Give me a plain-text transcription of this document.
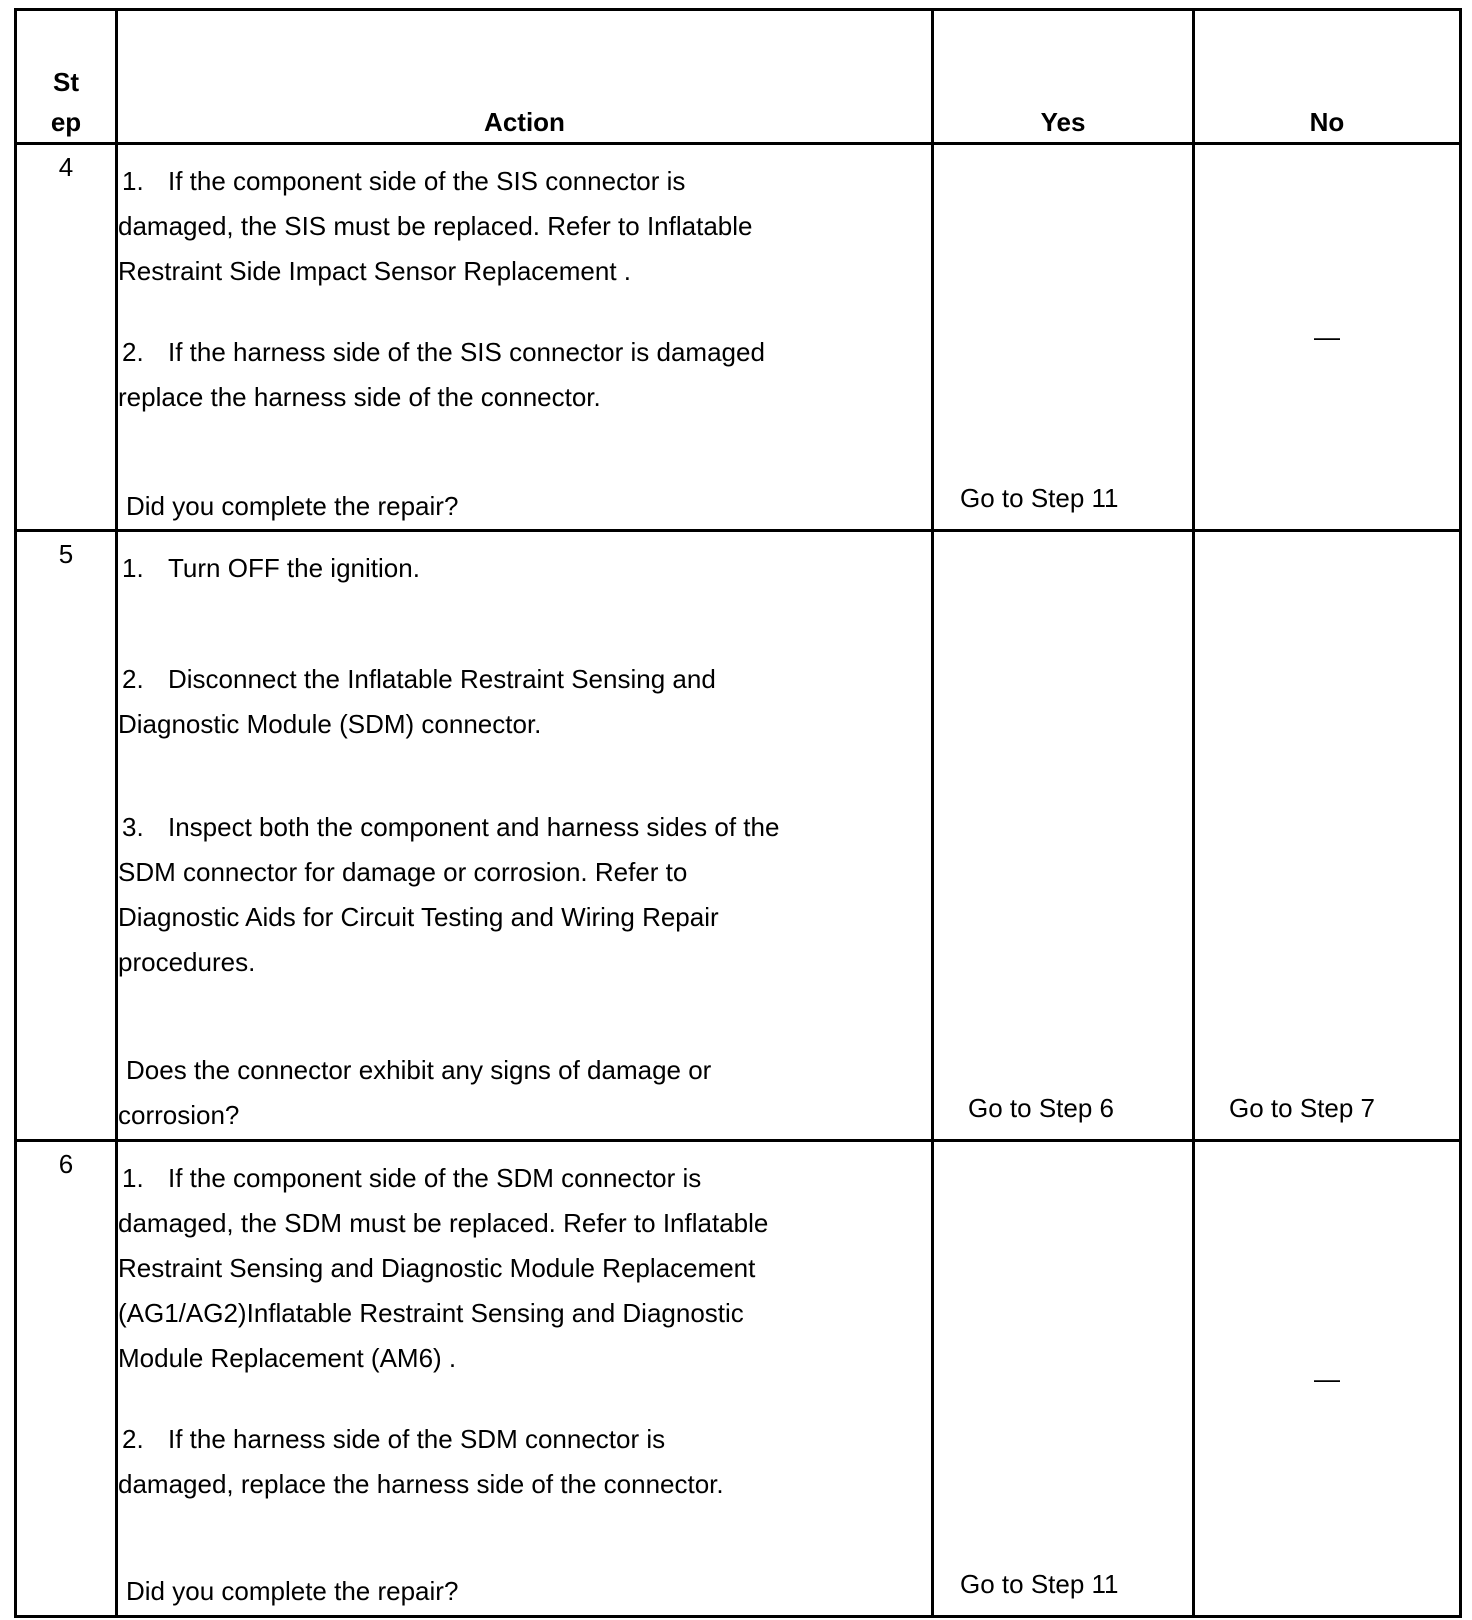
St
ep	Action	Yes	No
4	1. If the component side of the SIS connector is damaged, the SIS must be replaced. Refer to Inflatable Restraint Side Impact Sensor Replacement .

2. If the harness side of the SIS connector is damaged replace the harness side of the connector.

Did you complete the repair?	Go to Step 11	—

5	1. Turn OFF the ignition.

2. Disconnect the Inflatable Restraint Sensing and Diagnostic Module (SDM) connector.

3. Inspect both the component and harness sides of the SDM connector for damage or corrosion. Refer to Diagnostic Aids for Circuit Testing and Wiring Repair procedures.

Does the connector exhibit any signs of damage or corrosion?	Go to Step 6	Go to Step 7

6	1. If the component side of the SDM connector is damaged, the SDM must be replaced. Refer to Inflatable Restraint Sensing and Diagnostic Module Replacement (AG1/AG2)Inflatable Restraint Sensing and Diagnostic Module Replacement (AM6) .

2. If the harness side of the SDM connector is damaged, replace the harness side of the connector.

Did you complete the repair?	Go to Step 11	—
